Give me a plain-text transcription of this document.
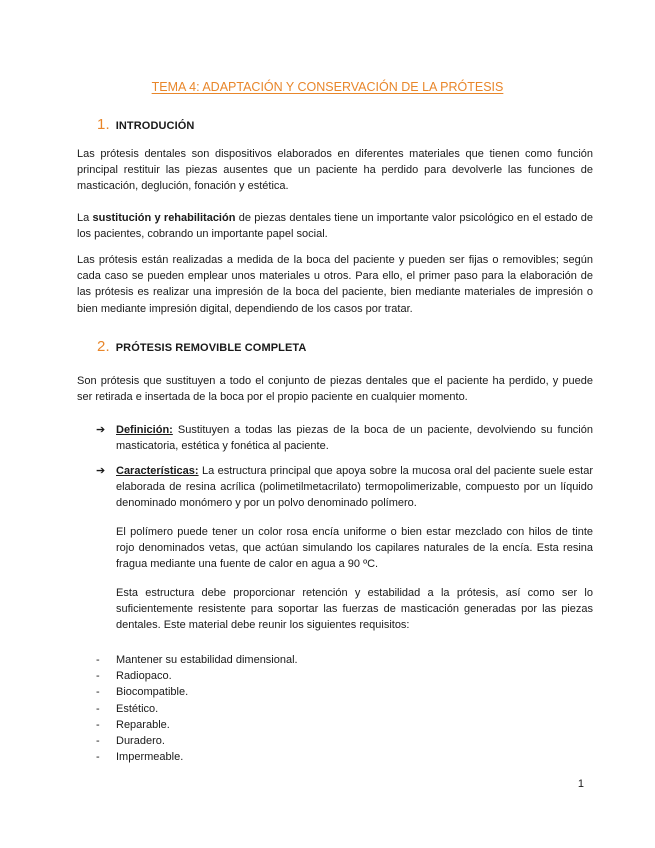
TEMA 4: ADAPTACIÓN Y CONSERVACIÓN DE LA PRÓTESIS
1. INTRODUCIÓN
Las prótesis dentales son dispositivos elaborados en diferentes materiales que tienen como función principal restituir las piezas ausentes que un paciente ha perdido para devolverle las funciones de masticación, deglución, fonación y estética.
La sustitución y rehabilitación de piezas dentales tiene un importante valor psicológico en el estado de los pacientes, cobrando un importante papel social.
Las prótesis están realizadas a medida de la boca del paciente y pueden ser fijas o removibles; según cada caso se pueden emplear unos materiales u otros. Para ello, el primer paso para la elaboración de las prótesis es realizar una impresión de la boca del paciente, bien mediante materiales de impresión o bien mediante impresión digital, dependiendo de los casos por tratar.
2. PRÓTESIS REMOVIBLE COMPLETA
Son prótesis que sustituyen a todo el conjunto de piezas dentales que el paciente ha perdido, y puede ser retirada e insertada de la boca por el propio paciente en cualquier momento.
➔ Definición: Sustituyen a todas las piezas de la boca de un paciente, devolviendo su función masticatoria, estética y fonética al paciente.
➔ Características: La estructura principal que apoya sobre la mucosa oral del paciente suele estar elaborada de resina acrílica (polimetilmetacrilato) termopolimerizable, compuesto por un líquido denominado monómero y por un polvo denominado polímero.
El polímero puede tener un color rosa encía uniforme o bien estar mezclado con hilos de tinte rojo denominados vetas, que actúan simulando los capilares naturales de la encía. Esta resina fragua mediante una fuente de calor en agua a 90 ºC.
Esta estructura debe proporcionar retención y estabilidad a la prótesis, así como ser lo suficientemente resistente para soportar las fuerzas de masticación generadas por las piezas dentales. Este material debe reunir los siguientes requisitos:
- Mantener su estabilidad dimensional.
- Radiopaco.
- Biocompatible.
- Estético.
- Reparable.
- Duradero.
- Impermeable.
1
